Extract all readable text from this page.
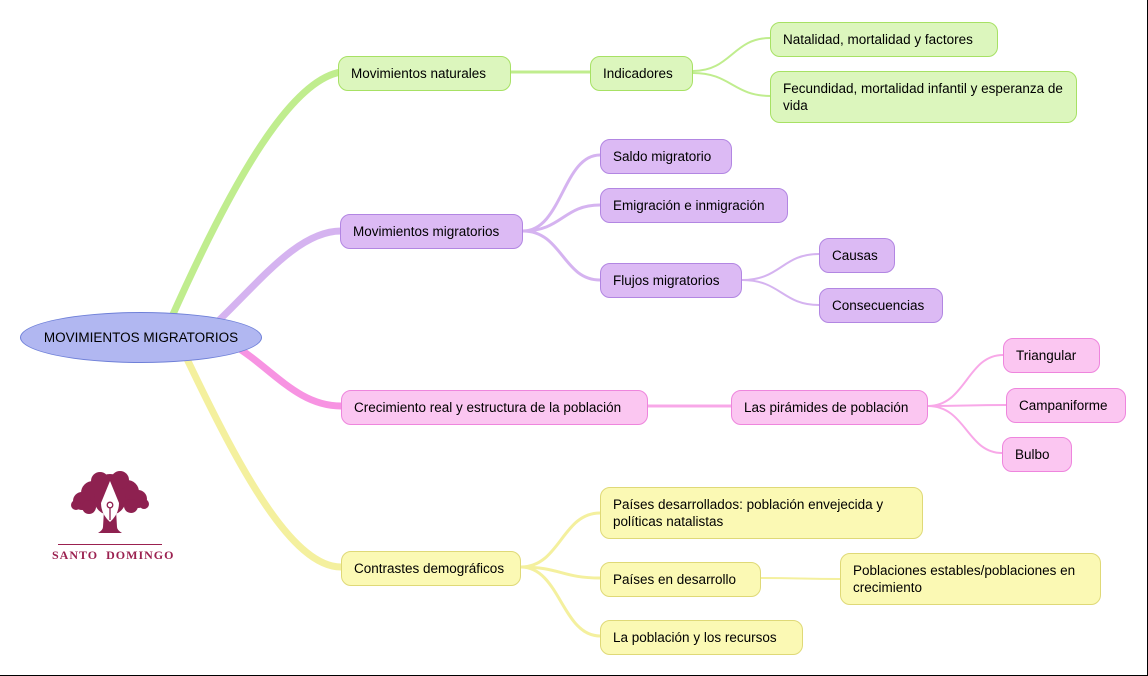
MOVIMIENTOS MIGRATORIOS
Movimientos naturales	Indicadores
Natalidad, mortalidad y factores
Fecundidad, mortalidad infantil y esperanza de vida
Movimientos migratorios
Saldo migratorio
Emigración e inmigración
Flujos migratorios
Causas
Consecuencias
Crecimiento real y estructura de la población	Las pirámides de población
Triangular
Campaniforme
Bulbo
Contrastes demográficos
Países desarrollados: población envejecida y políticas natalistas
Países en desarrollo
Poblaciones estables/poblaciones en crecimiento
La población y los recursos
SANTO DOMINGO
